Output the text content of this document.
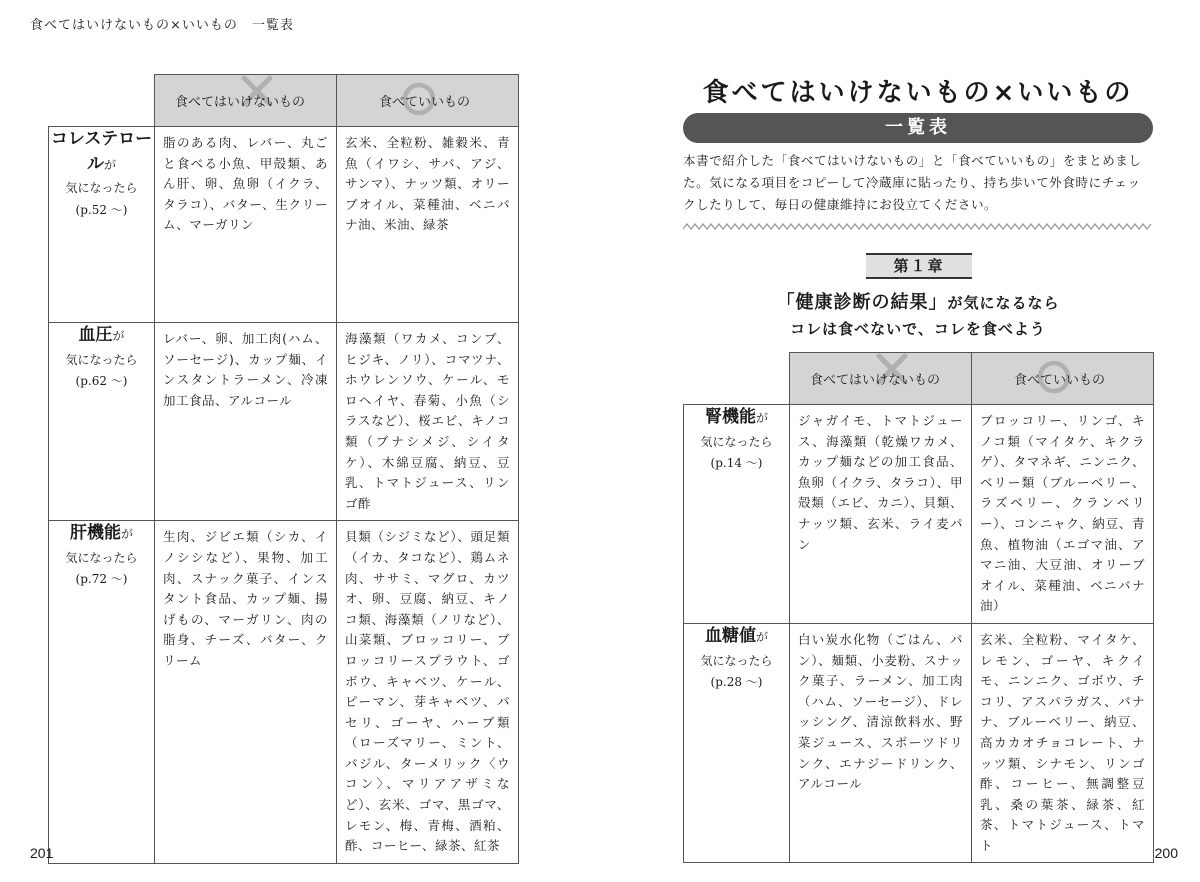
食べてはいけないもの×いいもの　一覧表

食べてはいけないもの	食べていいもの

コレステロールが
気になったら
(p.52 〜)	脂のある肉、レバー、丸ごと食べる小魚、甲殻類、あん肝、卵、魚卵（イクラ、タラコ）、バター、生クリーム、マーガリン	玄米、全粒粉、雑穀米、青魚（イワシ、サバ、アジ、サンマ）、ナッツ類、オリーブオイル、菜種油、ベニバナ油、米油、緑茶

血圧が
気になったら
(p.62 〜)	レバー、卵、加工肉(ハム、ソーセージ)、カップ麺、インスタントラーメン、冷凍加工食品、アルコール	海藻類（ワカメ、コンブ、ヒジキ、ノリ）、コマツナ、ホウレンソウ、ケール、モロヘイヤ、春菊、小魚（シラスなど）、桜エビ、キノコ類（ブナシメジ、シイタケ）、木綿豆腐、納豆、豆乳、トマトジュース、リンゴ酢

肝機能が
気になったら
(p.72 〜)	生肉、ジビエ類（シカ、イノシシなど）、果物、加工肉、スナック菓子、インスタント食品、カップ麺、揚げもの、マーガリン、肉の脂身、チーズ、バター、クリーム	貝類（シジミなど）、頭足類（イカ、タコなど）、鶏ムネ肉、ササミ、マグロ、カツオ、卵、豆腐、納豆、キノコ類、海藻類（ノリなど）、山菜類、ブロッコリー、ブロッコリースプラウト、ゴボウ、キャベツ、ケール、ピーマン、芽キャベツ、パセリ、ゴーヤ、ハーブ類（ローズマリー、ミント、バジル、ターメリック〈ウコン〉、マリアアザミなど）、玄米、ゴマ、黒ゴマ、レモン、梅、青梅、酒粕、酢、コーヒー、緑茶、紅茶
201
食べてはいけないもの×いいもの
一覧表
本書で紹介した「食べてはいけないもの」と「食べていいもの」をまとめました。気になる項目をコピーして冷蔵庫に貼ったり、持ち歩いて外食時にチェックしたりして、毎日の健康維持にお役立てください。
第１章
「健康診断の結果」が気になるなら
コレは食べないで、コレを食べよう

食べてはいけないもの	食べていいもの

腎機能が
気になったら
(p.14 〜)	ジャガイモ、トマトジュース、海藻類（乾燥ワカメ、カップ麺などの加工食品、魚卵（イクラ、タラコ）、甲殻類（エビ、カニ）、貝類、ナッツ類、玄米、ライ麦パン	ブロッコリー、リンゴ、キノコ類（マイタケ、キクラゲ）、タマネギ、ニンニク、ベリー類（ブルーベリー、ラズベリー、クランベリー）、コンニャク、納豆、青魚、植物油（エゴマ油、アマニ油、大豆油、オリーブオイル、菜種油、ベニバナ油）

血糖値が
気になったら
(p.28 〜)	白い炭水化物（ごはん、パン）、麺類、小麦粉、スナック菓子、ラーメン、加工肉（ハム、ソーセージ）、ドレッシング、清涼飲料水、野菜ジュース、スポーツドリンク、エナジードリンク、アルコール	玄米、全粒粉、マイタケ、レモン、ゴーヤ、キクイモ、ニンニク、ゴボウ、チコリ、アスパラガス、バナナ、ブルーベリー、納豆、高カカオチョコレート、ナッツ類、シナモン、リンゴ酢、コーヒー、無調整豆乳、桑の葉茶、緑茶、紅茶、トマトジュース、トマト	200
